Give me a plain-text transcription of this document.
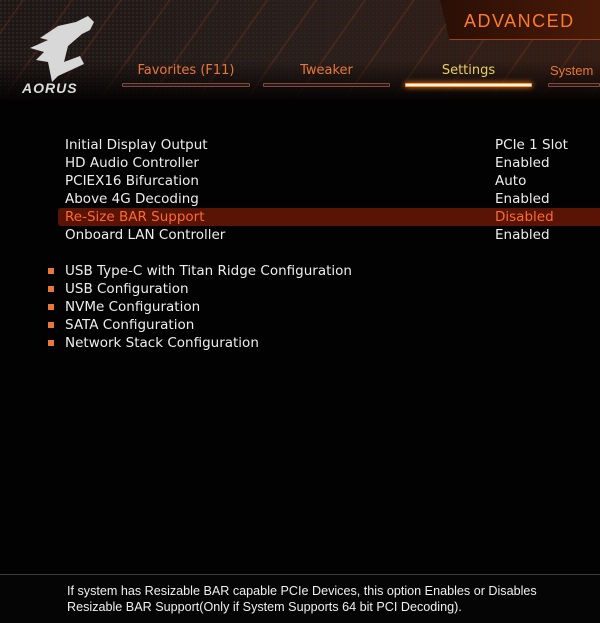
ADVANCED
AORUS
Favorites (F11)	Tweaker	Settings	System
Initial Display Output	PCIe 1 Slot
HD Audio Controller	Enabled
PCIEX16 Bifurcation	Auto
Above 4G Decoding	Enabled
Re-Size BAR Support	Disabled
Onboard LAN Controller	Enabled
USB Type-C with Titan Ridge Configuration
USB Configuration
NVMe Configuration
SATA Configuration
Network Stack Configuration
If system has Resizable BAR capable PCIe Devices, this option Enables or Disables
Resizable BAR Support(Only if System Supports 64 bit PCI Decoding).
